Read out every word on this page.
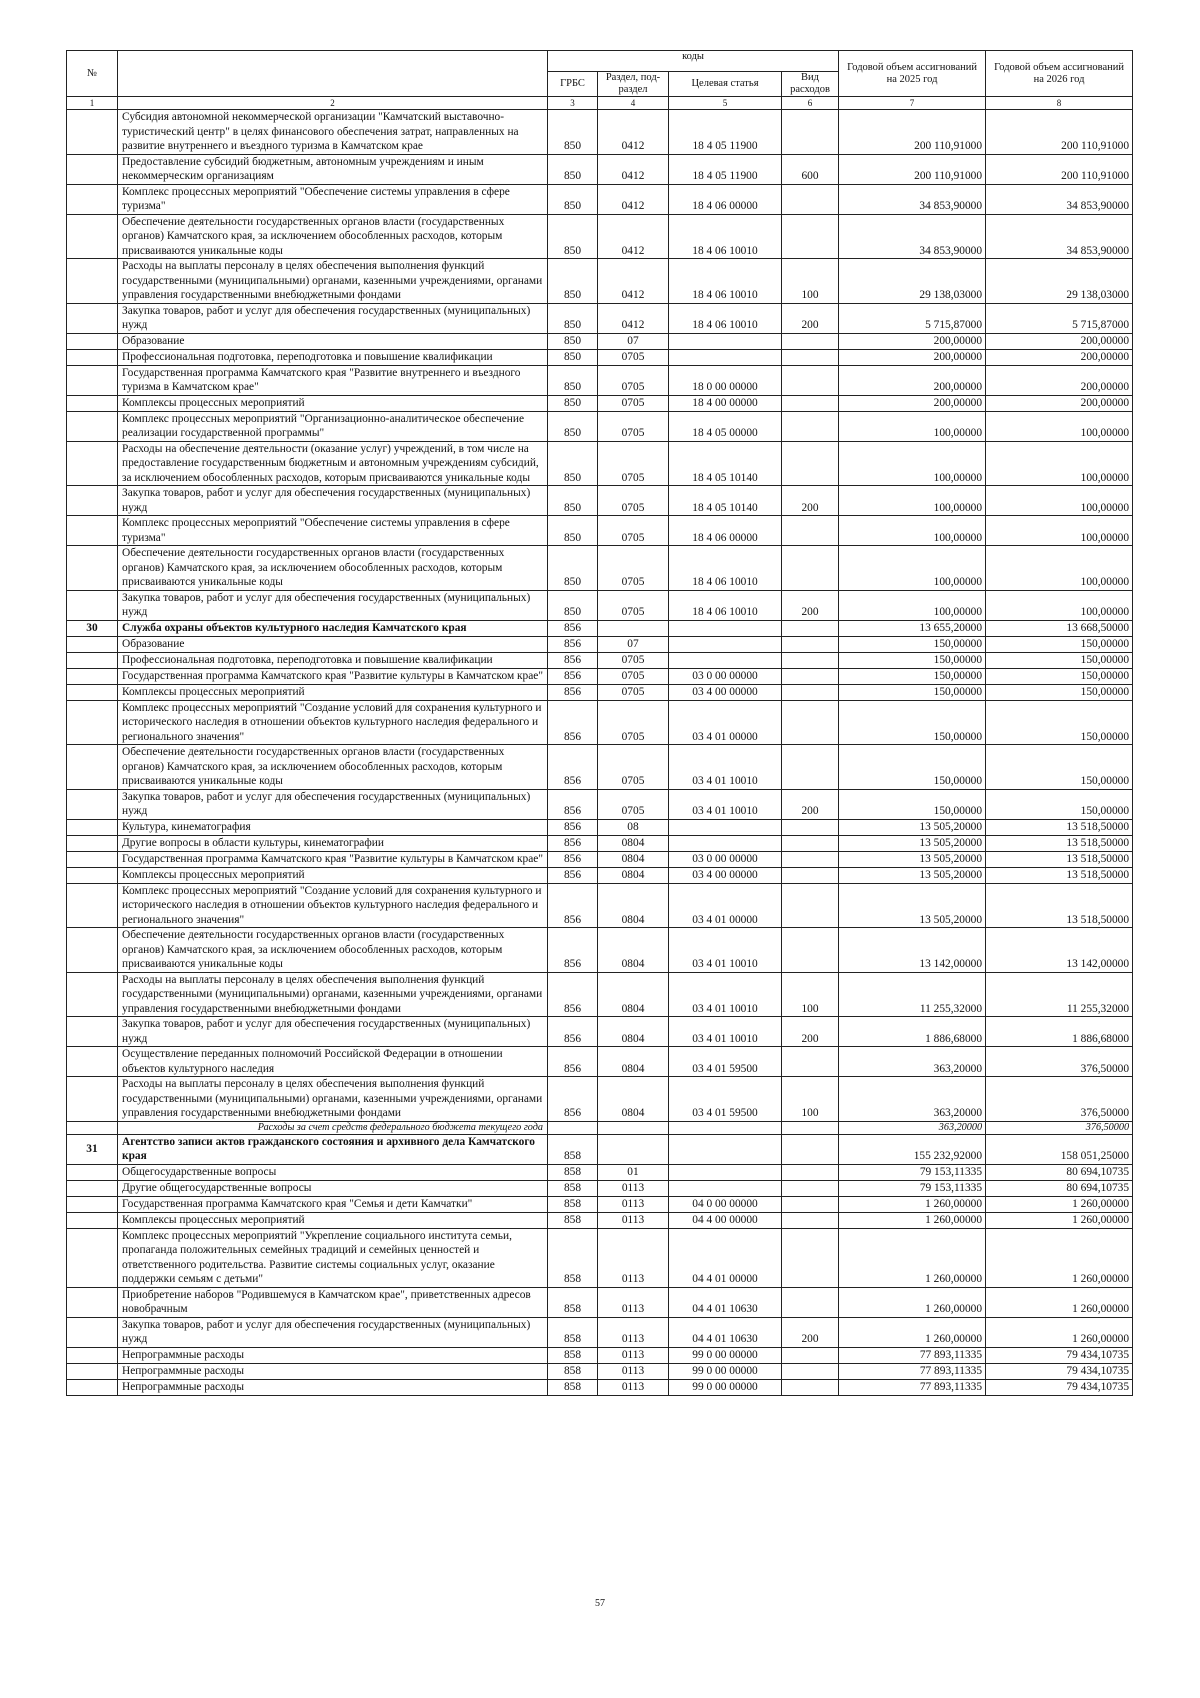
№		коды				Годовой объем ассигнований на 2025 год	Годовой объем ассигнований на 2026 год
		ГРБС	Раздел, под-раздел	Целевая статья	Вид расходов		
1	2	3	4	5	6	7	8
	Субсидия автономной некоммерческой организации "Камчатский выставочно-туристический центр" в целях финансового обеспечения затрат, направленных на развитие внутреннего и въездного туризма в Камчатском крае	850	0412	18 4 05 11900		200 110,91000	200 110,91000
	Предоставление субсидий бюджетным, автономным учреждениям и иным некоммерческим организациям	850	0412	18 4 05 11900	600	200 110,91000	200 110,91000
	Комплекс процессных мероприятий "Обеспечение системы управления в сфере туризма"	850	0412	18 4 06 00000		34 853,90000	34 853,90000
	Обеспечение деятельности государственных органов власти (государственных органов) Камчатского края, за исключением обособленных расходов, которым присваиваются уникальные коды	850	0412	18 4 06 10010		34 853,90000	34 853,90000
	Расходы на выплаты персоналу в целях обеспечения выполнения функций государственными (муниципальными) органами, казенными учреждениями, органами управления государственными внебюджетными фондами	850	0412	18 4 06 10010	100	29 138,03000	29 138,03000
	Закупка товаров, работ и услуг для обеспечения государственных (муниципальных) нужд	850	0412	18 4 06 10010	200	5 715,87000	5 715,87000
	Образование	850	07			200,00000	200,00000
	Профессиональная подготовка, переподготовка и повышение квалификации	850	0705			200,00000	200,00000
	Государственная программа Камчатского края "Развитие внутреннего и въездного туризма в Камчатском крае"	850	0705	18 0 00 00000		200,00000	200,00000
	Комплексы процессных мероприятий	850	0705	18 4 00 00000		200,00000	200,00000
	Комплекс процессных мероприятий "Организационно-аналитическое обеспечение реализации государственной программы"	850	0705	18 4 05 00000		100,00000	100,00000
	Расходы на обеспечение деятельности (оказание услуг) учреждений, в том числе на предоставление государственным бюджетным и автономным учреждениям субсидий, за исключением обособленных расходов, которым присваиваются уникальные коды	850	0705	18 4 05 10140		100,00000	100,00000
	Закупка товаров, работ и услуг для обеспечения государственных (муниципальных) нужд	850	0705	18 4 05 10140	200	100,00000	100,00000
	Комплекс процессных мероприятий "Обеспечение системы управления в сфере туризма"	850	0705	18 4 06 00000		100,00000	100,00000
	Обеспечение деятельности государственных органов власти (государственных органов) Камчатского края, за исключением обособленных расходов, которым присваиваются уникальные коды	850	0705	18 4 06 10010		100,00000	100,00000
	Закупка товаров, работ и услуг для обеспечения государственных (муниципальных) нужд	850	0705	18 4 06 10010	200	100,00000	100,00000
30	Служба охраны объектов культурного наследия Камчатского края	856				13 655,20000	13 668,50000
	Образование	856	07			150,00000	150,00000
	Профессиональная подготовка, переподготовка и повышение квалификации	856	0705			150,00000	150,00000
	Государственная программа Камчатского края "Развитие культуры в Камчатском крае"	856	0705	03 0 00 00000		150,00000	150,00000
	Комплексы процессных мероприятий	856	0705	03 4 00 00000		150,00000	150,00000
	Комплекс процессных мероприятий "Создание условий для сохранения культурного и исторического наследия в отношении объектов культурного наследия федерального и регионального значения"	856	0705	03 4 01 00000		150,00000	150,00000
	Обеспечение деятельности государственных органов власти (государственных органов) Камчатского края, за исключением обособленных расходов, которым присваиваются уникальные коды	856	0705	03 4 01 10010		150,00000	150,00000
	Закупка товаров, работ и услуг для обеспечения государственных (муниципальных) нужд	856	0705	03 4 01 10010	200	150,00000	150,00000
	Культура, кинематография	856	08			13 505,20000	13 518,50000
	Другие вопросы в области культуры, кинематографии	856	0804			13 505,20000	13 518,50000
	Государственная программа Камчатского края "Развитие культуры в Камчатском крае"	856	0804	03 0 00 00000		13 505,20000	13 518,50000
	Комплексы процессных мероприятий	856	0804	03 4 00 00000		13 505,20000	13 518,50000
	Комплекс процессных мероприятий "Создание условий для сохранения культурного и исторического наследия в отношении объектов культурного наследия федерального и регионального значения"	856	0804	03 4 01 00000		13 505,20000	13 518,50000
	Обеспечение деятельности государственных органов власти (государственных органов) Камчатского края, за исключением обособленных расходов, которым присваиваются уникальные коды	856	0804	03 4 01 10010		13 142,00000	13 142,00000
	Расходы на выплаты персоналу в целях обеспечения выполнения функций государственными (муниципальными) органами, казенными учреждениями, органами управления государственными внебюджетными фондами	856	0804	03 4 01 10010	100	11 255,32000	11 255,32000
	Закупка товаров, работ и услуг для обеспечения государственных (муниципальных) нужд	856	0804	03 4 01 10010	200	1 886,68000	1 886,68000
	Осуществление переданных полномочий Российской Федерации в отношении объектов культурного наследия	856	0804	03 4 01 59500		363,20000	376,50000
	Расходы на выплаты персоналу в целях обеспечения выполнения функций государственными (муниципальными) органами, казенными учреждениями, органами управления государственными внебюджетными фондами	856	0804	03 4 01 59500	100	363,20000	376,50000
	Расходы за счет средств федерального бюджета текущего года					363,20000	376,50000
31	Агентство записи актов гражданского состояния и архивного дела Камчатского края	858				155 232,92000	158 051,25000
	Общегосударственные вопросы	858	01			79 153,11335	80 694,10735
	Другие общегосударственные вопросы	858	0113			79 153,11335	80 694,10735
	Государственная программа Камчатского края "Семья и дети Камчатки"	858	0113	04 0 00 00000		1 260,00000	1 260,00000
	Комплексы процессных мероприятий	858	0113	04 4 00 00000		1 260,00000	1 260,00000
	Комплекс процессных мероприятий "Укрепление социального института семьи, пропаганда положительных семейных традиций и семейных ценностей и ответственного родительства. Развитие системы социальных услуг, оказание поддержки семьям с детьми"	858	0113	04 4 01 00000		1 260,00000	1 260,00000
	Приобретение наборов "Родившемуся в Камчатском крае", приветственных адресов новобрачным	858	0113	04 4 01 10630		1 260,00000	1 260,00000
	Закупка товаров, работ и услуг для обеспечения государственных (муниципальных) нужд	858	0113	04 4 01 10630	200	1 260,00000	1 260,00000
	Непрограммные расходы	858	0113	99 0 00 00000		77 893,11335	79 434,10735
	Непрограммные расходы	858	0113	99 0 00 00000		77 893,11335	79 434,10735
	Непрограммные расходы	858	0113	99 0 00 00000		77 893,11335	79 434,10735
57
